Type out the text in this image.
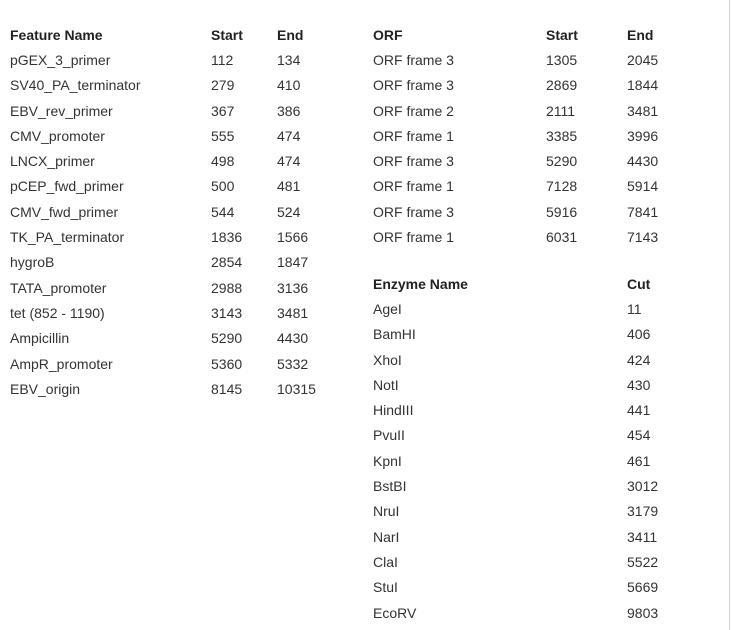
Feature Name	Start	End
pGEX_3_primer	112	134
SV40_PA_terminator	279	410
EBV_rev_primer	367	386
CMV_promoter	555	474
LNCX_primer	498	474
pCEP_fwd_primer	500	481
CMV_fwd_primer	544	524
TK_PA_terminator	1836	1566
hygroB	2854	1847
TATA_promoter	2988	3136
tet (852 - 1190)	3143	3481
Ampicillin	5290	4430
AmpR_promoter	5360	5332
EBV_origin	8145	10315
ORF	Start	End
ORF frame 3	1305	2045
ORF frame 3	2869	1844
ORF frame 2	2111	3481
ORF frame 1	3385	3996
ORF frame 3	5290	4430
ORF frame 1	7128	5914
ORF frame 3	5916	7841
ORF frame 1	6031	7143
Enzyme Name	Cut
AgeI	11
BamHI	406
XhoI	424
NotI	430
HindIII	441
PvuII	454
KpnI	461
BstBI	3012
NruI	3179
NarI	3411
ClaI	5522
StuI	5669
EcoRV	9803
